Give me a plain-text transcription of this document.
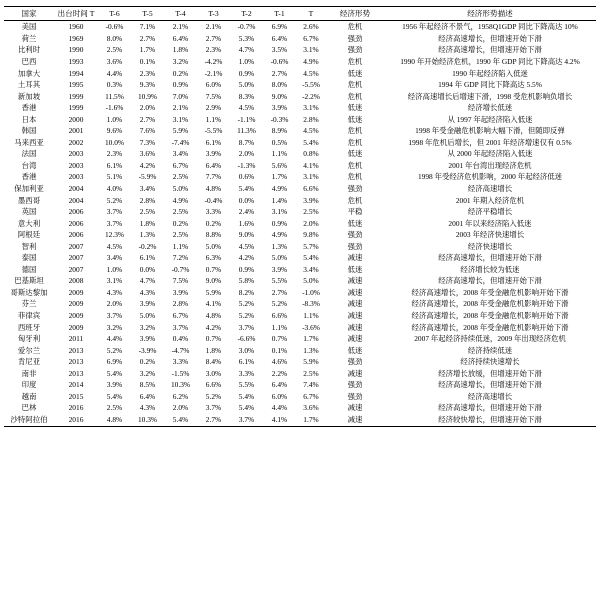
国家	出台时间 T	T-6	T-5	T-4	T-3	T-2	T-1	T	经济形势	经济形势描述
美国	1960	-0.6%	7.1%	2.1%	2.1%	-0.7%	6.9%	2.6%	危机	1956 年起经济不景气，1958Q1GDP 同比下降高达 10%
荷兰	1969	8.0%	2.7%	6.4%	2.7%	5.3%	6.4%	6.7%	强劲	经济高速增长，但增速开始下滑
比利时	1990	2.5%	1.7%	1.8%	2.3%	4.7%	3.5%	3.1%	强劲	经济高速增长，但增速开始下滑
巴西	1993	3.6%	0.1%	3.2%	-4.2%	1.0%	-0.6%	4.9%	危机	1990 年开始经济危机，1990 年 GDP 同比下降高达 4.2%
加拿大	1994	4.4%	2.3%	0.2%	-2.1%	0.9%	2.7%	4.5%	低迷	1990 年起经济陷入低迷
土耳其	1995	0.3%	9.3%	0.9%	6.0%	5.0%	8.0%	-5.5%	危机	1994 年 GDP 同比下降高达 5.5%
新加坡	1999	11.5%	10.9%	7.0%	7.5%	8.3%	9.0%	-2.2%	危机	经济高速增长后增速下滑，1998 受危机影响负增长
香港	1999	-1.6%	2.0%	2.1%	2.9%	4.5%	3.9%	3.1%	低迷	经济增长低迷
日本	2000	1.0%	2.7%	3.1%	1.1%	-1.1%	-0.3%	2.8%	低迷	从 1997 年起经济陷入低迷
韩国	2001	9.6%	7.6%	5.9%	-5.5%	11.3%	8.9%	4.5%	危机	1998 年受金融危机影响大幅下滑，但随即反弹
马来西亚	2002	10.0%	7.3%	-7.4%	6.1%	8.7%	0.5%	5.4%	危机	1998 年危机后增长，但 2001 年经济增速仅有 0.5%
法国	2003	2.3%	3.6%	3.4%	3.9%	2.0%	1.1%	0.8%	低迷	从 2000 年起经济陷入低迷
台湾	2003	6.1%	4.2%	6.7%	6.4%	-1.3%	5.6%	4.1%	危机	2001 年台湾出现经济危机
香港	2003	5.1%	-5.9%	2.5%	7.7%	0.6%	1.7%	3.1%	危机	1998 年受经济危机影响，2000 年起经济低迷
保加利亚	2004	4.0%	3.4%	5.0%	4.8%	5.4%	4.9%	6.6%	强劲	经济高速增长
墨西哥	2004	5.2%	2.8%	4.9%	-0.4%	0.0%	1.4%	3.9%	危机	2001 年期入经济危机
英国	2006	3.7%	2.5%	2.5%	3.3%	2.4%	3.1%	2.5%	平稳	经济平稳增长
意大利	2006	3.7%	1.8%	0.2%	0.2%	1.6%	0.9%	2.0%	低迷	2001 年以来经济陷入低迷
阿根廷	2006	12.3%	1.3%	2.5%	8.8%	9.0%	4.9%	9.8%	强劲	2003 年经济快速增长
智利	2007	4.5%	-0.2%	1.1%	5.0%	4.5%	1.3%	5.7%	强劲	经济快速增长
泰国	2007	3.4%	6.1%	7.2%	6.3%	4.2%	5.0%	5.4%	减速	经济高速增长，但增速开始下滑
德国	2007	1.0%	0.0%	-0.7%	0.7%	0.9%	3.9%	3.4%	低迷	经济增长较为低迷
巴基斯坦	2008	3.1%	4.7%	7.5%	9.0%	5.8%	5.5%	5.0%	减速	经济高速增长，但增速开始下滑
哥斯达黎加	2009	4.3%	4.3%	3.9%	5.9%	8.2%	2.7%	-1.0%	减速	经济高速增长，2008 年受金融危机影响开始下滑
芬兰	2009	2.0%	3.9%	2.8%	4.1%	5.2%	5.2%	-8.3%	减速	经济高速增长，2008 年受金融危机影响开始下滑
菲律宾	2009	3.7%	5.0%	6.7%	4.8%	5.2%	6.6%	1.1%	减速	经济高速增长，2008 年受金融危机影响开始下滑
西班牙	2009	3.2%	3.2%	3.7%	4.2%	3.7%	1.1%	-3.6%	减速	经济高速增长，2008 年受金融危机影响开始下滑
匈牙利	2011	4.4%	3.9%	0.4%	0.7%	-6.6%	0.7%	1.7%	减速	2007 年起经济持续低迷，2009 年出现经济危机
爱尔兰	2013	5.2%	-3.9%	-4.7%	1.8%	3.0%	0.1%	1.3%	低迷	经济持续低迷
肯尼亚	2013	6.9%	0.2%	3.3%	8.4%	6.1%	4.6%	5.9%	强劲	经济持续快速增长
南非	2013	5.4%	3.2%	-1.5%	3.0%	3.3%	2.2%	2.5%	减速	经济增长放缓，但增速开始下滑
印度	2014	3.9%	8.5%	10.3%	6.6%	5.5%	6.4%	7.4%	强劲	经济高速增长，但增速开始下滑
越南	2015	5.4%	6.4%	6.2%	5.2%	5.4%	6.0%	6.7%	强劲	经济高速增长
巴林	2016	2.5%	4.3%	2.0%	3.7%	5.4%	4.4%	3.6%	减速	经济高速增长，但增速开始下滑
沙特阿拉伯	2016	4.8%	10.3%	5.4%	2.7%	3.7%	4.1%	1.7%	减速	经济较快增长，但增速开始下滑
